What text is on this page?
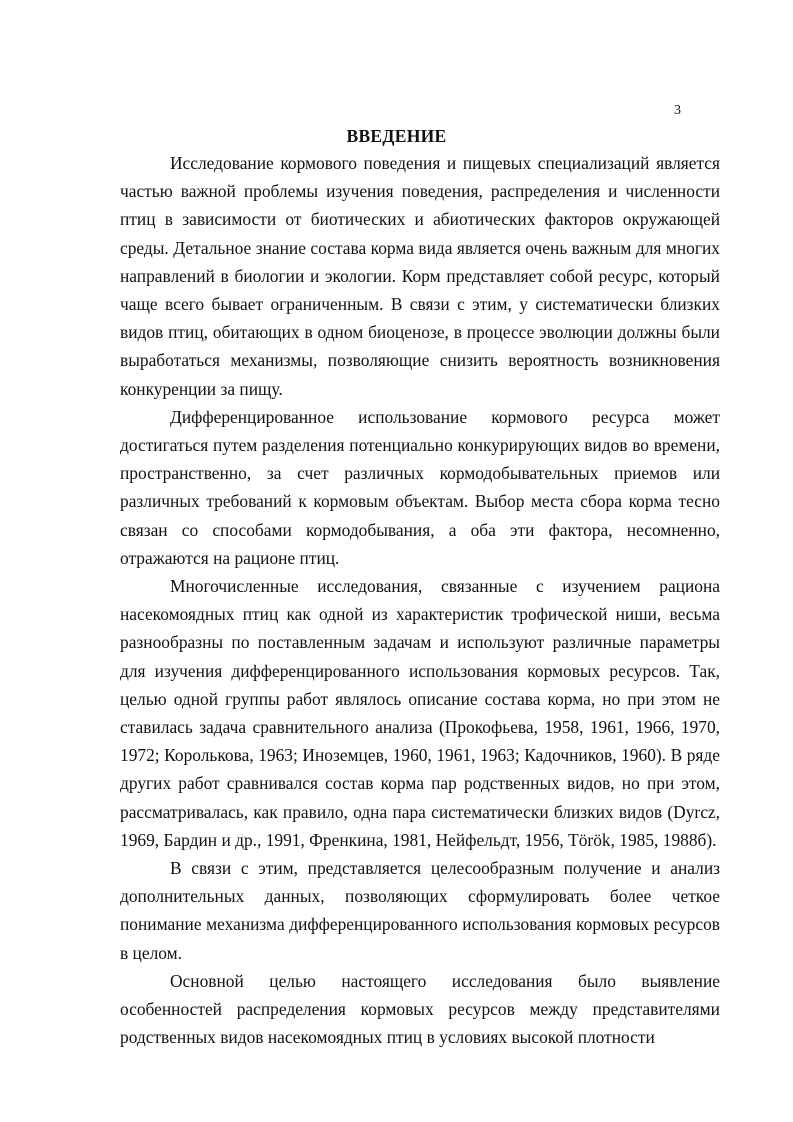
3
ВВЕДЕНИЕ

Исследование кормового поведения и пищевых специализаций является частью важной проблемы изучения поведения, распределения и численности птиц в зависимости от биотических и абиотических факторов окружающей среды. Детальное знание состава корма вида является очень важным для многих направлений в биологии и экологии. Корм представляет собой ресурс, который чаще всего бывает ограниченным. В связи с этим, у систематически близких видов птиц, обитающих в одном биоценозе, в процессе эволюции должны были выработаться механизмы, позволяющие снизить вероятность возникновения конкуренции за пищу.

Дифференцированное использование кормового ресурса может достигаться путем разделения потенциально конкурирующих видов во времени, пространственно, за счет различных кормодобывательных приемов или различных требований к кормовым объектам. Выбор места сбора корма тесно связан со способами кормодобывания, а оба эти фактора, несомненно, отражаются на рационе птиц.

Многочисленные исследования, связанные с изучением рациона насекомоядных птиц как одной из характеристик трофической ниши, весьма разнообразны по поставленным задачам и используют различные параметры для изучения дифференцированного использования кормовых ресурсов. Так, целью одной группы работ являлось описание состава корма, но при этом не ставилась задача сравнительного анализа (Прокофьева, 1958, 1961, 1966, 1970, 1972; Королькова, 1963; Иноземцев, 1960, 1961, 1963; Кадочников, 1960). В ряде других работ сравнивался состав корма пар родственных видов, но при этом, рассматривалась, как правило, одна пара систематически близких видов (Dyrcz, 1969, Бардин и др., 1991, Френкина, 1981, Нейфельдт, 1956, Török, 1985, 1988б).

В связи с этим, представляется целесообразным получение и анализ дополнительных данных, позволяющих сформулировать более четкое понимание механизма дифференцированного использования кормовых ресурсов в целом.

Основной целью настоящего исследования было выявление особенностей распределения кормовых ресурсов между представителями родственных видов насекомоядных птиц в условиях высокой плотности
